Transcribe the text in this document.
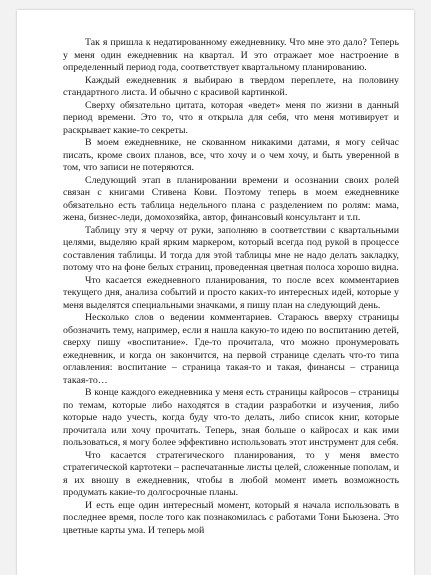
Так я пришла к недатированному ежедневнику. Что мне это дало? Теперь у меня один ежедневник на квартал. И это отражает мое настроение в определенный период года, соответствует квартальному планированию.

Каждый ежедневник я выбираю в твердом переплете, на половину стандартного листа. И обычно с красивой картинкой.

Сверху обязательно цитата, которая «ведет» меня по жизни в данный период времени. Это то, что я открыла для себя, что меня мотивирует и раскрывает какие-то секреты.

В моем ежедневнике, не скованном никакими датами, я могу сейчас писать, кроме своих планов, все, что хочу и о чем хочу, и быть уверенной в том, что записи не потеряются.

Следующий этап в планировании времени и осознании своих ролей связан с книгами Стивена Кови. Поэтому теперь в моем ежедневнике обязательно есть таблица недельного плана с разделением по ролям: мама, жена, бизнес-леди, домохозяйка, автор, финансовый консультант и т.п.

Таблицу эту я черчу от руки, заполняю в соответствии с квартальными целями, выделяю край ярким маркером, который всегда под рукой в процессе составления таблицы. И тогда для этой таблицы мне не надо делать закладку, потому что на фоне белых страниц, проведенная цветная полоса хорошо видна.

Что касается ежедневного планирования, то после всех комментариев текущего дня, анализа событий и просто каких-то интересных идей, которые у меня выделятся специальными значками, я пишу план на следующий день.

Несколько слов о ведении комментариев. Стараюсь вверху страницы обозначить тему, например, если я нашла какую-то идею по воспитанию детей, сверху пишу «воспитание». Где-то прочитала, что можно пронумеровать ежедневник, и когда он закончится, на первой странице сделать что-то типа оглавления: воспитание – страница такая-то и такая, финансы – страница такая-то…

В конце каждого ежедневника у меня есть страницы кайросов – страницы по темам, которые либо находятся в стадии разработки и изучения, либо которые надо учесть, когда буду что-то делать, либо список книг, которые прочитала или хочу прочитать. Теперь, зная больше о кайросах и как ими пользоваться, я могу более эффективно использовать этот инструмент для себя.

Что касается стратегического планирования, то у меня вместо стратегической картотеки – распечатанные листы целей, сложенные пополам, и я их вношу в ежедневник, чтобы в любой момент иметь возможность продумать какие-то долгосрочные планы.

И есть еще один интересный момент, который я начала использовать в последнее время, после того как познакомилась с работами Тони Бьюзена. Это цветные карты ума. И теперь мой
